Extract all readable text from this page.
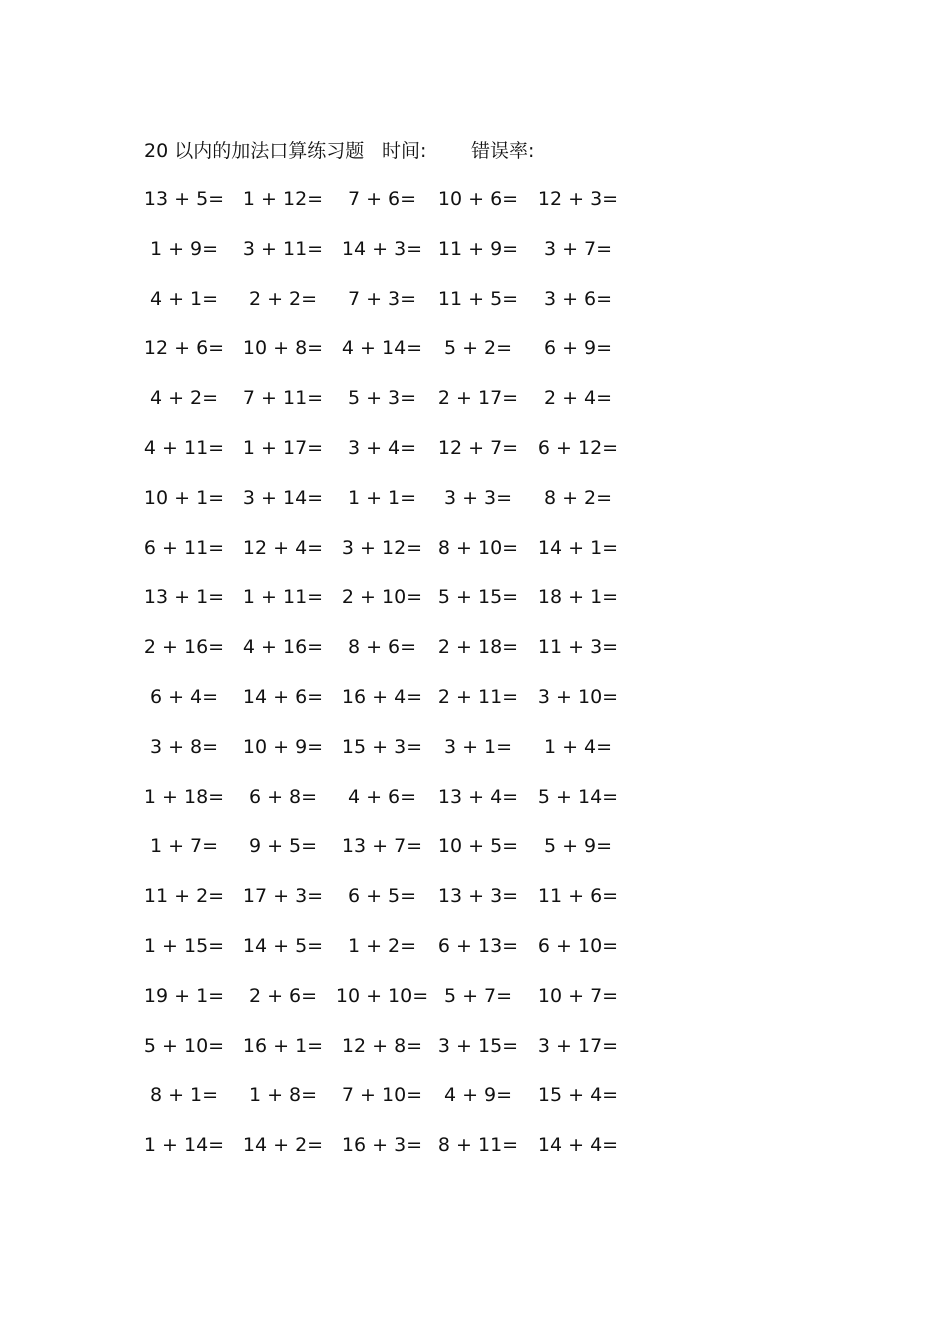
20 以内的加法口算练习题 时间: 错误率:
13 + 5= 1 + 12=	7 + 6=	10 + 6=	12 + 3=
1 + 9=	3 + 11= 14 + 3= 11 + 9=	3 + 7=
4 + 1=	2 + 2=	7 + 3=	11 + 5=	3 + 6=
12 + 6= 10 + 8= 4 + 14=	5 + 2=	6 + 9=
4 + 2=	7 + 11=	5 + 3=	2 + 17=	2 + 4=
4 + 11= 1 + 17=	3 + 4=	12 + 7=	6 + 12=
10 + 1= 3 + 14=	1 + 1=	3 + 3=	8 + 2=
6 + 11= 12 + 4= 3 + 12= 8 + 10=	14 + 1=
13 + 1= 1 + 11= 2 + 10= 5 + 15=	18 + 1=
2 + 16= 4 + 16=	8 + 6=	2 + 18=	11 + 3=
6 + 4=	14 + 6= 16 + 4= 2 + 11=	3 + 10=
3 + 8=	10 + 9= 15 + 3=	3 + 1=	1 + 4=
1 + 18=	6 + 8=	4 + 6=	13 + 4=	5 + 14=
1 + 7=	9 + 5=	13 + 7= 10 + 5=	5 + 9=
11 + 2= 17 + 3=	6 + 5=	13 + 3=	11 + 6=
1 + 15= 14 + 5=	1 + 2=	6 + 13=	6 + 10=
19 + 1=	2 + 6= 10 + 10= 5 + 7=	10 + 7=
5 + 10= 16 + 1= 12 + 8= 3 + 15=	3 + 17=
8 + 1=	1 + 8=	7 + 10=	4 + 9=	15 + 4=
1 + 14= 14 + 2= 16 + 3= 8 + 11=	14 + 4=
